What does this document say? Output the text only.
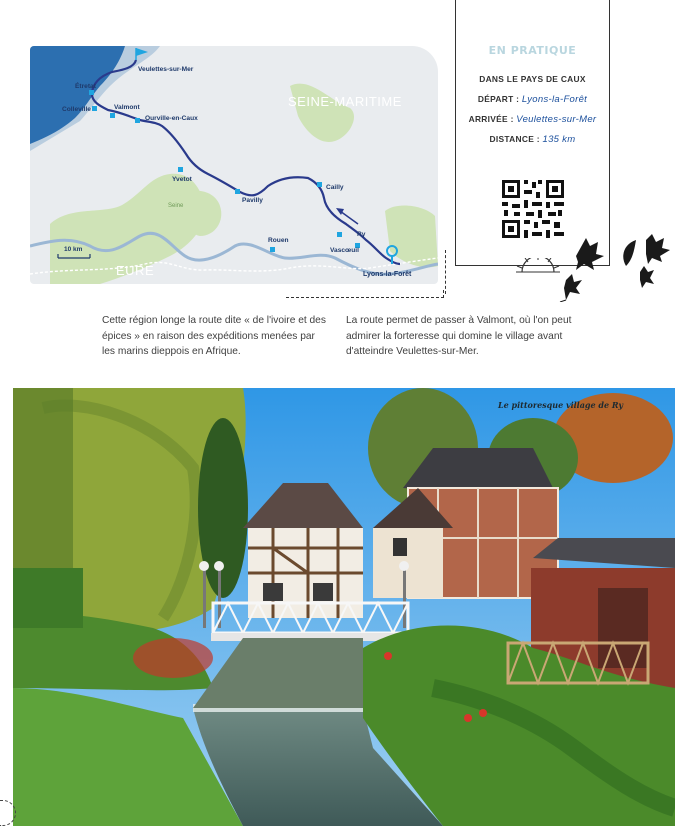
SEINE-MARITIME
EURE
Seine
10 km
Veulettes-sur-Mer
Étretat
Colleville	Valmont
Ourville-en-Caux
Yvetot
Pavilly
Cailly
Ry
Vascœuil
Rouen
Lyons-la-Forêt
EN PRATIQUE
DANS LE PAYS DE CAUX
DÉPART : Lyons-la-Forêt
ARRIVÉE : Veulettes-sur-Mer
DISTANCE : 135 km

Cette région longe la route dite « de l'ivoire et des épices » en raison des expéditions menées par les marins dieppois en Afrique.

La route permet de passer à Valmont, où l'on peut admirer la forteresse qui domine le village avant d'atteindre Veulettes-sur-Mer.

Le pittoresque village de Ry
